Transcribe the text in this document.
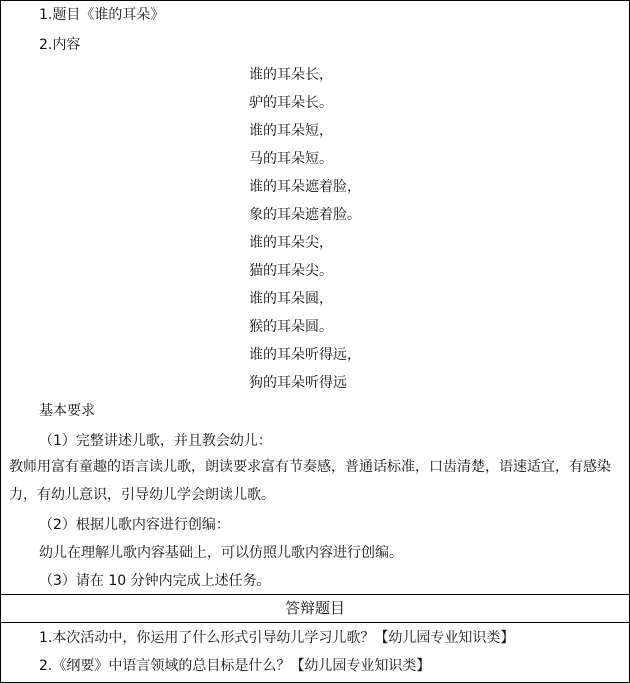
1.题目《谁的耳朵》
2.内容
谁的耳朵长，
驴的耳朵长。
谁的耳朵短，
马的耳朵短。
谁的耳朵遮着脸，
象的耳朵遮着脸。
谁的耳朵尖，
猫的耳朵尖。
谁的耳朵圆，
猴的耳朵圆。
谁的耳朵听得远，
狗的耳朵听得远
基本要求
（1）完整讲述儿歌，并且教会幼儿：
教师用富有童趣的语言读儿歌，朗读要求富有节奏感，普通话标准，口齿清楚，语速适宜，有感染力，有幼儿意识，引导幼儿学会朗读儿歌。
（2）根据儿歌内容进行创编：
幼儿在理解儿歌内容基础上，可以仿照儿歌内容进行创编。
（3）请在 10 分钟内完成上述任务。
答辩题目
1.本次活动中，你运用了什么形式引导幼儿学习儿歌？【幼儿园专业知识类】
2.《纲要》中语言领域的总目标是什么？【幼儿园专业知识类】
